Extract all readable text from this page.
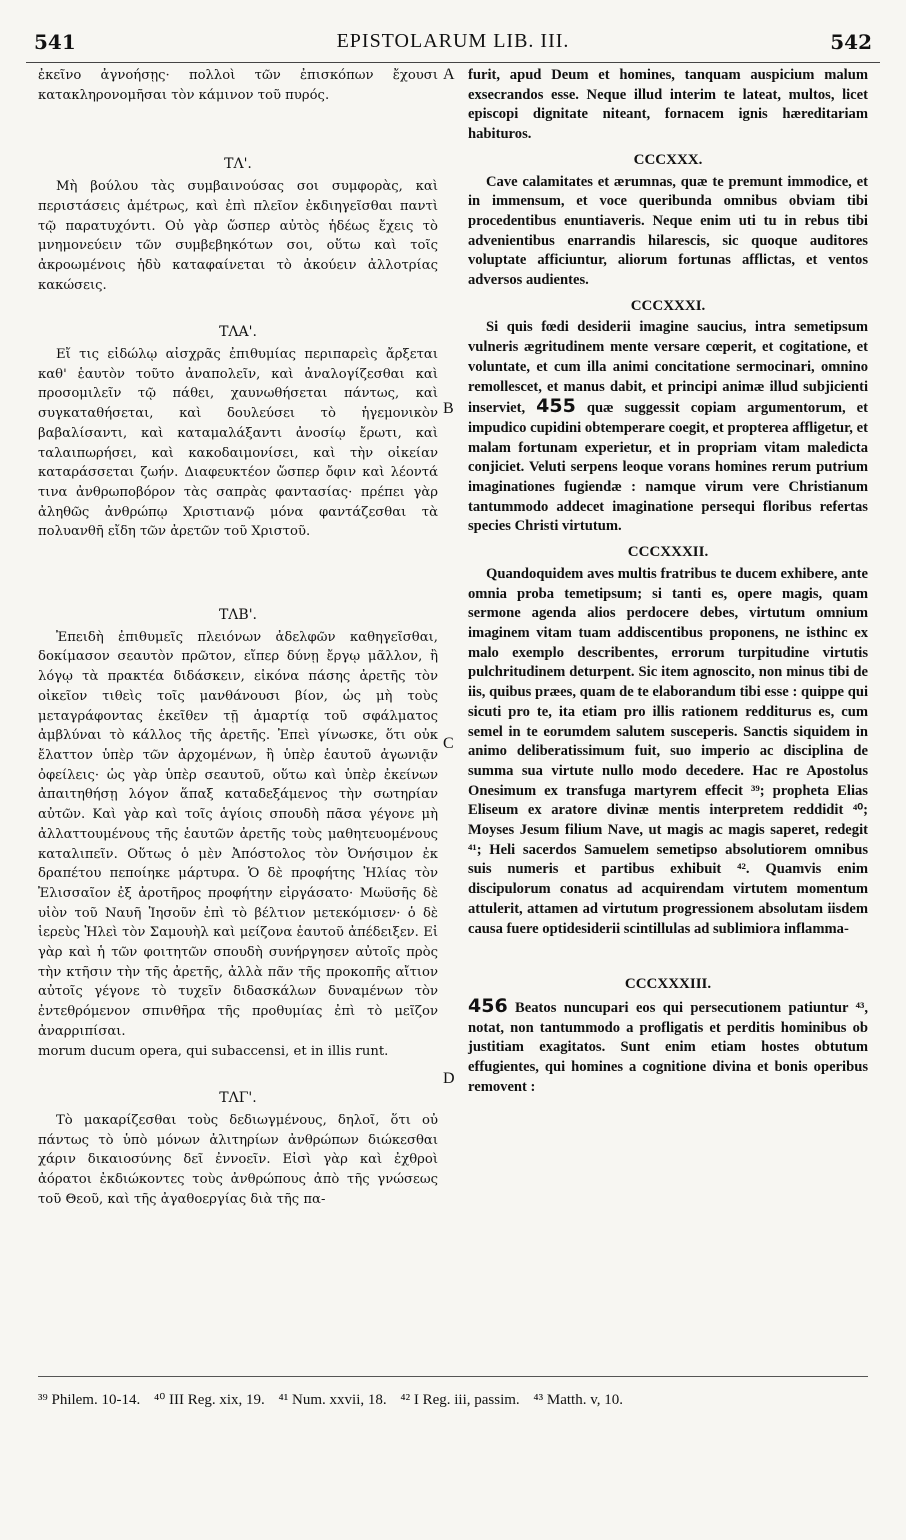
541	EPISTOLARUM LIB. III.	542
A
B
C
D

ἐκεῖνο ἀγνοήσῃς· πολλοὶ τῶν ἐπισκόπων ἔχουσι κατακληρονομῆσαι τὸν κάμινον τοῦ πυρός.

ΤΛ'.

Μὴ βούλου τὰς συμβαινούσας σοι συμφορὰς, καὶ περιστάσεις ἀμέτρως, καὶ ἐπὶ πλεῖον ἐκδιηγεῖσθαι παντὶ τῷ παρατυχόντι. Οὐ γὰρ ὥσπερ αὐτὸς ἡδέως ἔχεις τὸ μνημονεύειν τῶν συμβεβηκότων σοι, οὕτω καὶ τοῖς ἀκροωμένοις ἡδὺ καταφαίνεται τὸ ἀκούειν ἀλλοτρίας κακώσεις.

ΤΛΑ'.

Εἴ τις εἰδώλῳ αἰσχρᾶς ἐπιθυμίας περιπαρεὶς ἄρξεται καθ' ἑαυτὸν τοῦτο ἀναπολεῖν, καὶ ἀναλογίζεσθαι καὶ προσομιλεῖν τῷ πάθει, χαυνωθήσεται πάντως, καὶ συγκαταθήσεται, καὶ δουλεύσει τὸ ἡγεμονικὸν βαβαλίσαντι, καὶ καταμαλάξαντι ἀνοσίῳ ἔρωτι, καὶ ταλαιπωρήσει, καὶ κακοδαιμονίσει, καὶ τὴν οἰκείαν καταράσσεται ζωήν. Διαφευκτέον ὥσπερ ὄφιν καὶ λέοντά τινα ἀνθρωποβόρον τὰς σαπρὰς φαντασίας· πρέπει γὰρ ἀληθῶς ἀνθρώπῳ Χριστιανῷ μόνα φαντάζεσθαι τὰ πολυανθῆ εἴδη τῶν ἀρετῶν τοῦ Χριστοῦ.

ΤΛΒ'.

Ἐπειδὴ ἐπιθυμεῖς πλειόνων ἀδελφῶν καθηγεῖσθαι, δοκίμασον σεαυτὸν πρῶτον, εἴπερ δύνῃ ἔργῳ μᾶλλον, ἢ λόγῳ τὰ πρακτέα διδάσκειν, εἰκόνα πάσης ἀρετῆς τὸν οἰκεῖον τιθεὶς τοῖς μανθάνουσι βίον, ὡς μὴ τοὺς μεταγράφοντας ἐκεῖθεν τῇ ἁμαρτίᾳ τοῦ σφάλματος ἀμβλύναι τὸ κάλλος τῆς ἀρετῆς. Ἐπεὶ γίνωσκε, ὅτι οὐκ ἔλαττον ὑπὲρ τῶν ἀρχομένων, ἢ ὑπὲρ ἑαυτοῦ ἀγωνιᾷν ὀφείλεις· ὡς γὰρ ὑπὲρ σεαυτοῦ, οὕτω καὶ ὑπὲρ ἐκείνων ἀπαιτηθήσῃ λόγον ἅπαξ καταδεξάμενος τὴν σωτηρίαν αὐτῶν. Καὶ γὰρ καὶ τοῖς ἁγίοις σπουδὴ πᾶσα γέγονε μὴ ἀλλαττουμένους τῆς ἑαυτῶν ἀρετῆς τοὺς μαθητευομένους καταλιπεῖν. Οὕτως ὁ μὲν Ἀπόστολος τὸν Ὀνήσιμον ἐκ δραπέτου πεποίηκε μάρτυρα. Ὁ δὲ προφήτης Ἠλίας τὸν Ἐλισσαῖον ἐξ ἀροτῆρος προφήτην εἰργάσατο· Μωϋσῆς δὲ υἱὸν τοῦ Ναυῆ Ἰησοῦν ἐπὶ τὸ βέλτιον μετεκόμισεν· ὁ δὲ ἱερεὺς Ἠλεὶ τὸν Σαμουὴλ καὶ μείζονα ἑαυτοῦ ἀπέδειξεν. Εἰ γὰρ καὶ ἡ τῶν φοιτητῶν σπουδὴ συνήργησεν αὐτοῖς πρὸς τὴν κτῆσιν τὴν τῆς ἀρετῆς, ἀλλὰ πᾶν τῆς προκοπῆς αἴτιον αὐτοῖς γέγονε τὸ τυχεῖν διδασκάλων δυναμένων τὸν ἐντεθρόμενον σπινθῆρα τῆς προθυμίας ἐπὶ τὸ μεῖζον ἀναρριπίσαι.

morum ducum opera, qui subaccensi, et in illis runt.

ΤΛΓ'.

Τὸ μακαρίζεσθαι τοὺς δεδιωγμένους, δηλοῖ, ὅτι οὐ πάντως τὸ ὑπὸ μόνων ἀλιτηρίων ἀνθρώπων διώκεσθαι χάριν δικαιοσύνης δεῖ ἐννοεῖν. Εἰσὶ γὰρ καὶ ἐχθροὶ ἀόρατοι ἐκδιώκοντες τοὺς ἀνθρώπους ἀπὸ τῆς γνώσεως τοῦ Θεοῦ, καὶ τῆς ἀγαθοεργίας διὰ τῆς πα-

furit, apud Deum et homines, tanquam auspicium malum exsecrandos esse. Neque illud interim te lateat, multos, licet episcopi dignitate niteant, fornacem ignis hæreditariam habituros.

CCCXXX.

Cave calamitates et ærumnas, quæ te premunt immodice, et in immensum, et voce queribunda omnibus obviam tibi procedentibus enuntiaveris. Neque enim uti tu in rebus tibi advenientibus enarrandis hilarescis, sic quoque auditores voluptate afficiuntur, aliorum fortunas afflictas, et ventos adversos audientes.

CCCXXXI.

Si quis fœdi desiderii imagine saucius, intra semetipsum vulneris ægritudinem mente versare cœperit, et cogitatione, et voluntate, et cum illa animi concitatione sermocinari, omnino remollescet, et manus dabit, et principi animæ illud subjicienti inserviet, 455 quæ suggessit copiam argumentorum, et impudico cupidini obtemperare coegit, et propterea affligetur, et malam fortunam experietur, et in propriam vitam maledicta conjiciet. Veluti serpens leoque vorans homines rerum putrium imaginationes fugiendæ : namque virum vere Christianum tantummodo addecet imaginatione persequi floribus refertas species Christi virtutum.

CCCXXXII.

Quandoquidem aves multis fratribus te ducem exhibere, ante omnia proba temetipsum; si tanti es, opere magis, quam sermone agenda alios perdocere debes, virtutum omnium imaginem vitam tuam addiscentibus proponens, ne isthinc ex malo exemplo describentes, errorum turpitudine virtutis pulchritudinem deturpent. Sic item agnoscito, non minus tibi de iis, quibus præes, quam de te elaborandum tibi esse : quippe qui sicuti pro te, ita etiam pro illis rationem redditurus es, cum semel in te eorumdem salutem susceperis. Sanctis siquidem in animo deliberatissimum fuit, suo imperio ac disciplina de summa sua virtute nullo modo decedere. Hac re Apostolus Onesimum ex transfuga martyrem effecit ³⁹; propheta Elias Eliseum ex aratore divinæ mentis interpretem reddidit ⁴⁰; Moyses Jesum filium Nave, ut magis ac magis saperet, redegit ⁴¹; Heli sacerdos Samuelem semetipso absolutiorem omnibus suis numeris et partibus exhibuit ⁴². Quamvis enim discipulorum conatus ad acquirendam virtutem momentum attulerit, attamen ad virtutum progressionem absolutam iisdem causa fuere optidesiderii scintillulas ad sublimiora inflamma-

CCCXXXIII.

456 Beatos nuncupari eos qui persecutionem patiuntur ⁴³, notat, non tantummodo a profligatis et perditis hominibus ob justitiam exagitatos. Sunt enim etiam hostes obtutum effugientes, qui homines a cognitione divina et bonis operibus removent :

³⁹ Philem. 10-14. ⁴⁰ III Reg. xix, 19. ⁴¹ Num. xxvii, 18. ⁴² I Reg. iii, passim. ⁴³ Matth. v, 10.
